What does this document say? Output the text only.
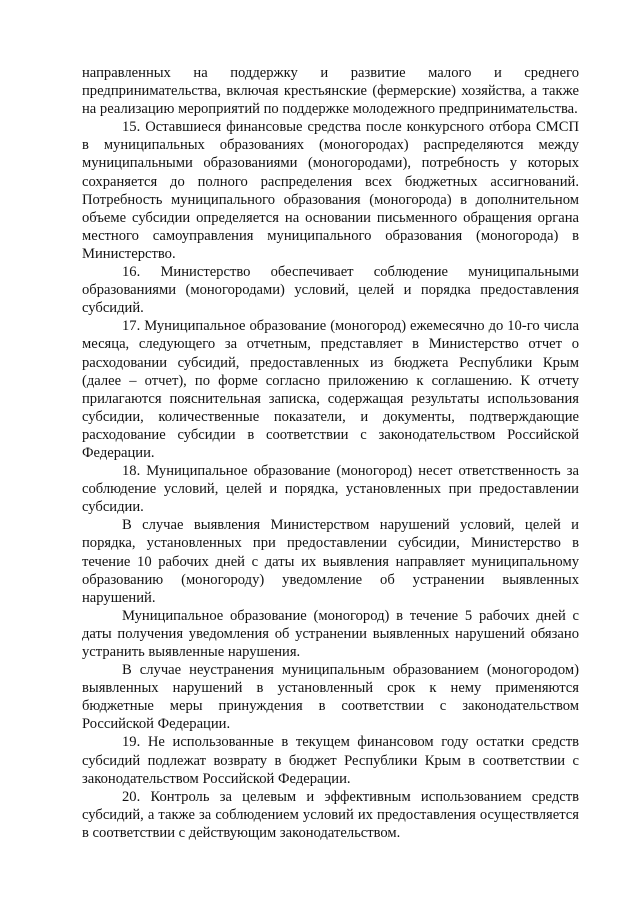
направленных на поддержку и развитие малого и среднего предпринимательства, включая крестьянские (фермерские) хозяйства, а также на реализацию мероприятий по поддержке молодежного предпринимательства.

15. Оставшиеся финансовые средства после конкурсного отбора СМСП в муниципальных образованиях (моногородах) распределяются между муниципальными образованиями (моногородами), потребность у которых сохраняется до полного распределения всех бюджетных ассигнований. Потребность муниципального образования (моногорода) в дополнительном объеме субсидии определяется на основании письменного обращения органа местного самоуправления муниципального образования (моногорода) в Министерство.

16. Министерство обеспечивает соблюдение муниципальными образованиями (моногородами) условий, целей и порядка предоставления субсидий.

17. Муниципальное образование (моногород) ежемесячно до 10-го числа месяца, следующего за отчетным, представляет в Министерство отчет о расходовании субсидий, предоставленных из бюджета Республики Крым (далее – отчет), по форме согласно приложению к соглашению. К отчету прилагаются пояснительная записка, содержащая результаты использования субсидии, количественные показатели, и документы, подтверждающие расходование субсидии в соответствии с законодательством Российской Федерации.

18. Муниципальное образование (моногород) несет ответственность за соблюдение условий, целей и порядка, установленных при предоставлении субсидии.

В случае выявления Министерством нарушений условий, целей и порядка, установленных при предоставлении субсидии, Министерство в течение 10 рабочих дней с даты их выявления направляет муниципальному образованию (моногороду) уведомление об устранении выявленных нарушений.

Муниципальное образование (моногород) в течение 5 рабочих дней с даты получения уведомления об устранении выявленных нарушений обязано устранить выявленные нарушения.

В случае неустранения муниципальным образованием (моногородом) выявленных нарушений в установленный срок к нему применяются бюджетные меры принуждения в соответствии с законодательством Российской Федерации.

19. Не использованные в текущем финансовом году остатки средств субсидий подлежат возврату в бюджет Республики Крым в соответствии с законодательством Российской Федерации.

20. Контроль за целевым и эффективным использованием средств субсидий, а также за соблюдением условий их предоставления осуществляется в соответствии с действующим законодательством.
